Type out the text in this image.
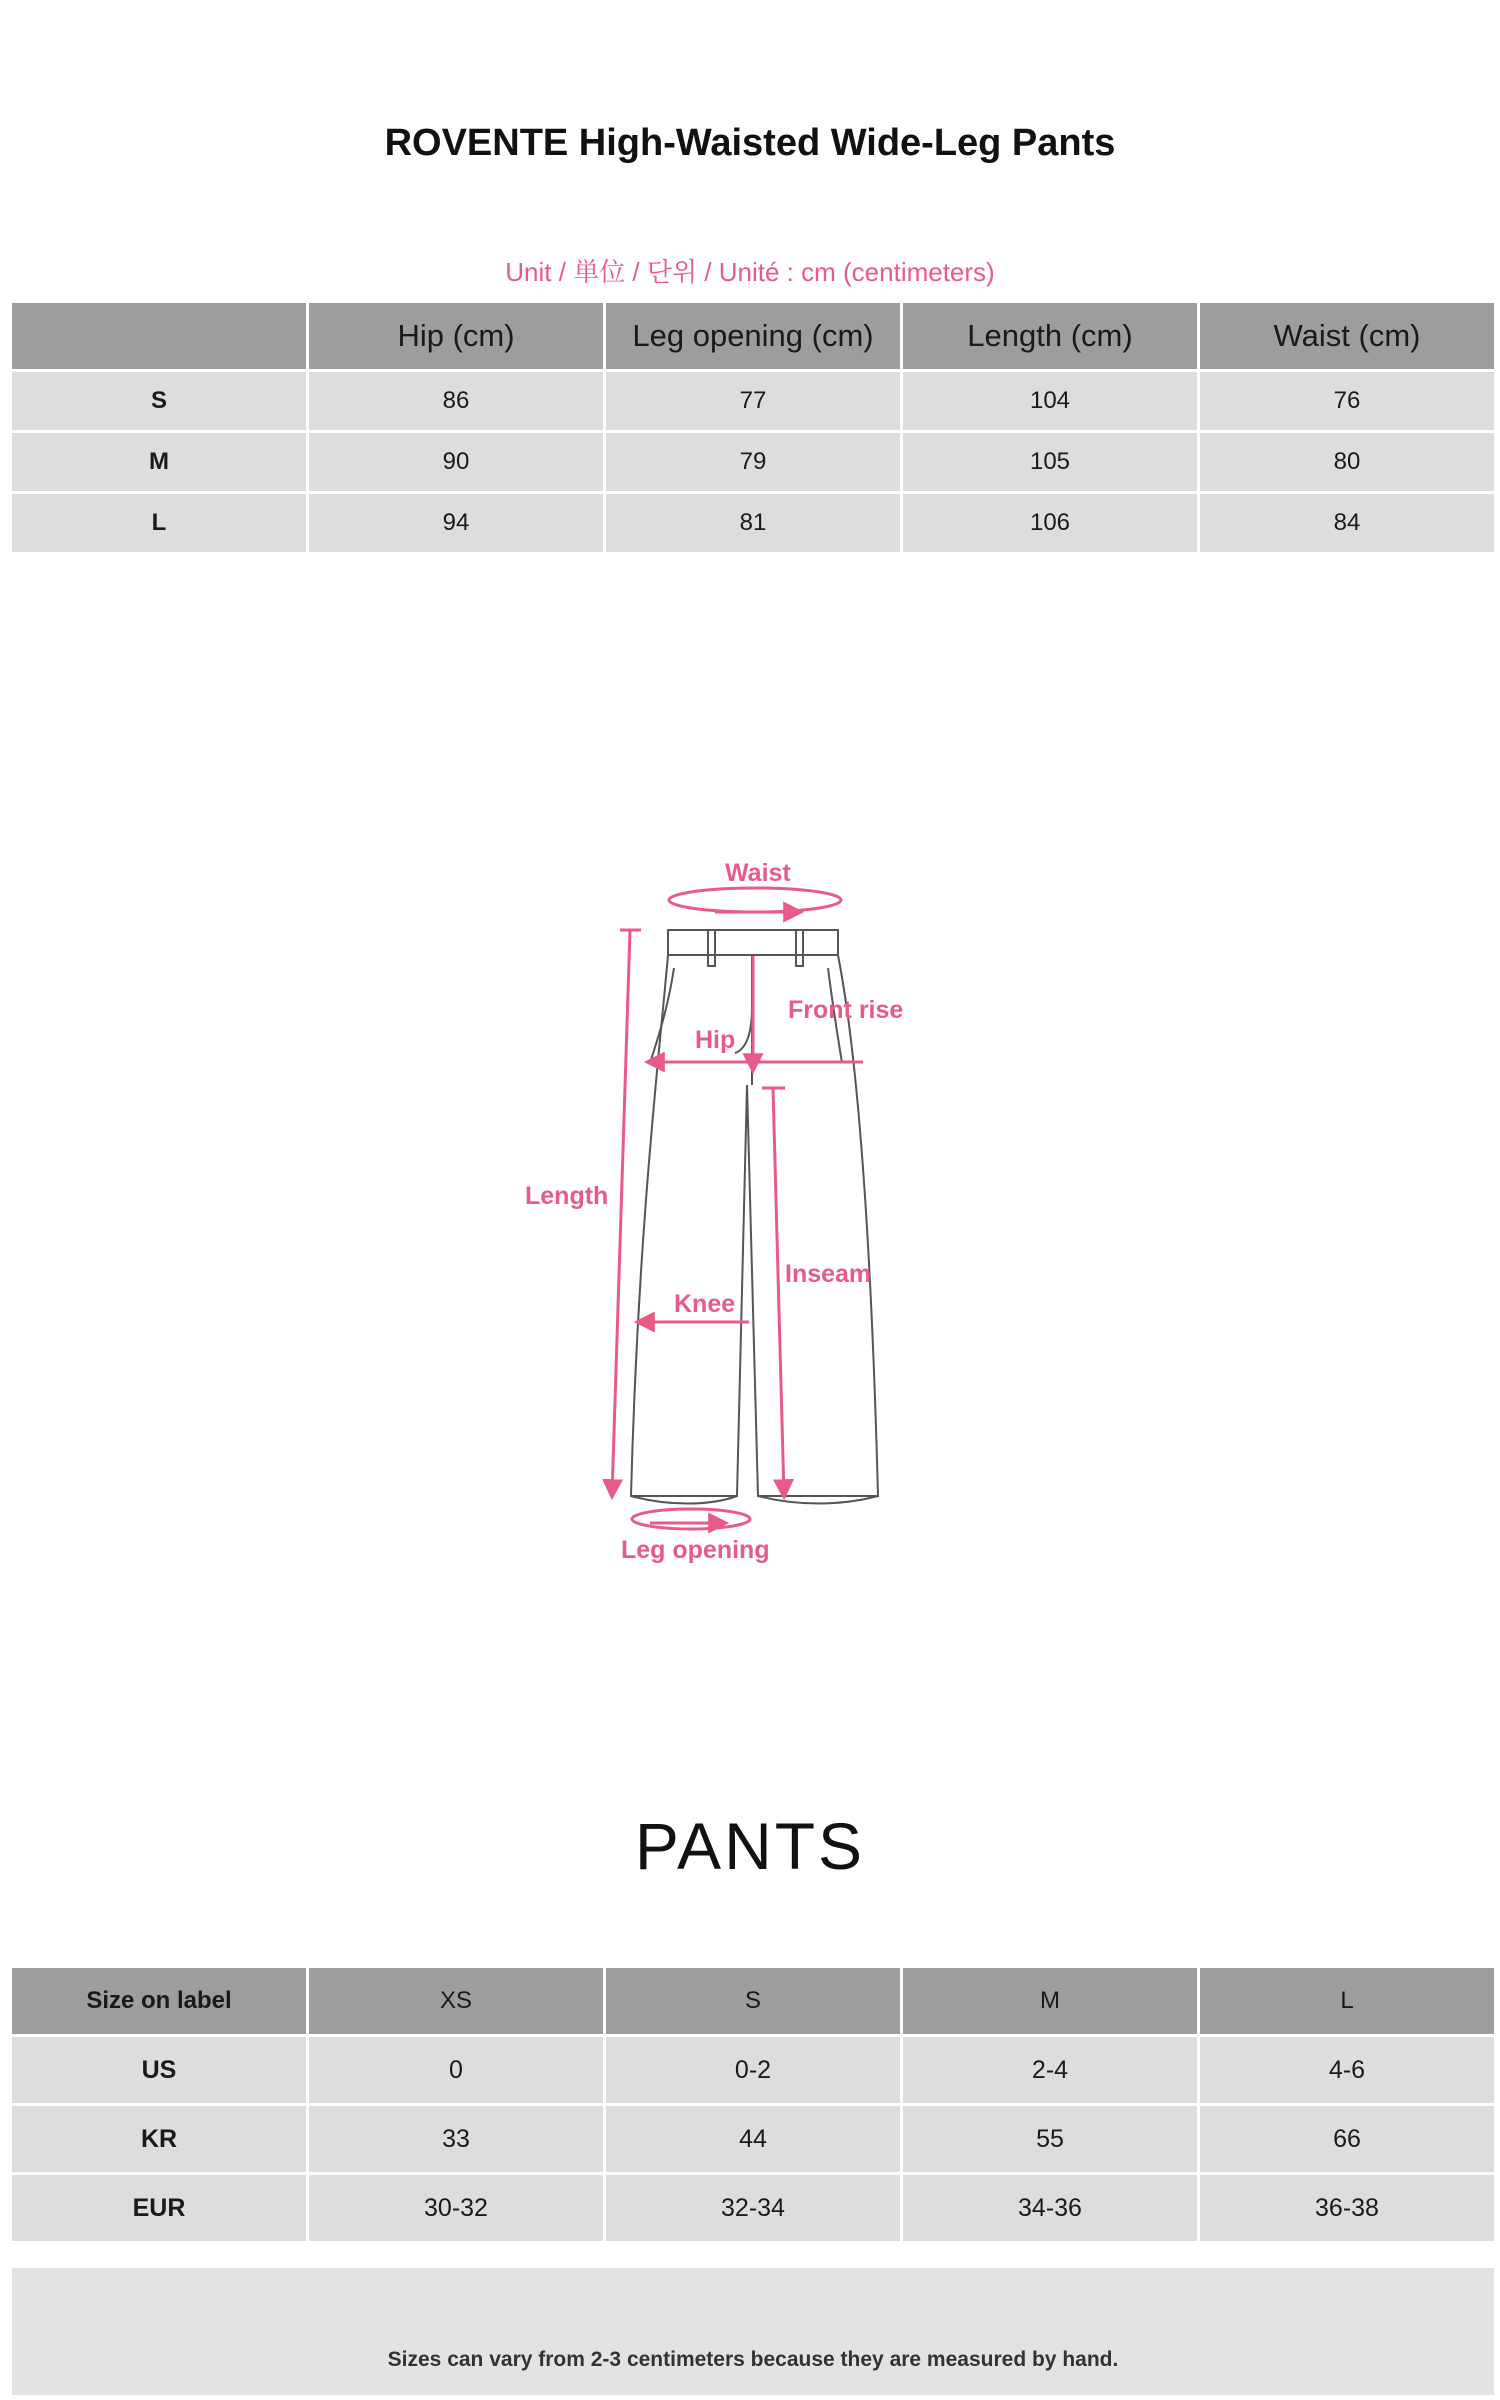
ROVENTE High-Waisted Wide-Leg Pants
Unit / 単位 / 단위 / Unité : cm (centimeters)
	Hip (cm)	Leg opening (cm)	Length (cm)	Waist (cm)
S	86	77	104	76
M	90	79	105	80
L	94	81	106	84
Waist
Front rise
Hip
Length
Inseam
Knee
Leg opening
PANTS
Size on label	XS	S	M	L
US	0	0-2	2-4	4-6
KR	33	44	55	66
EUR	30-32	32-34	34-36	36-38
Sizes can vary from 2-3 centimeters because they are measured by hand.
